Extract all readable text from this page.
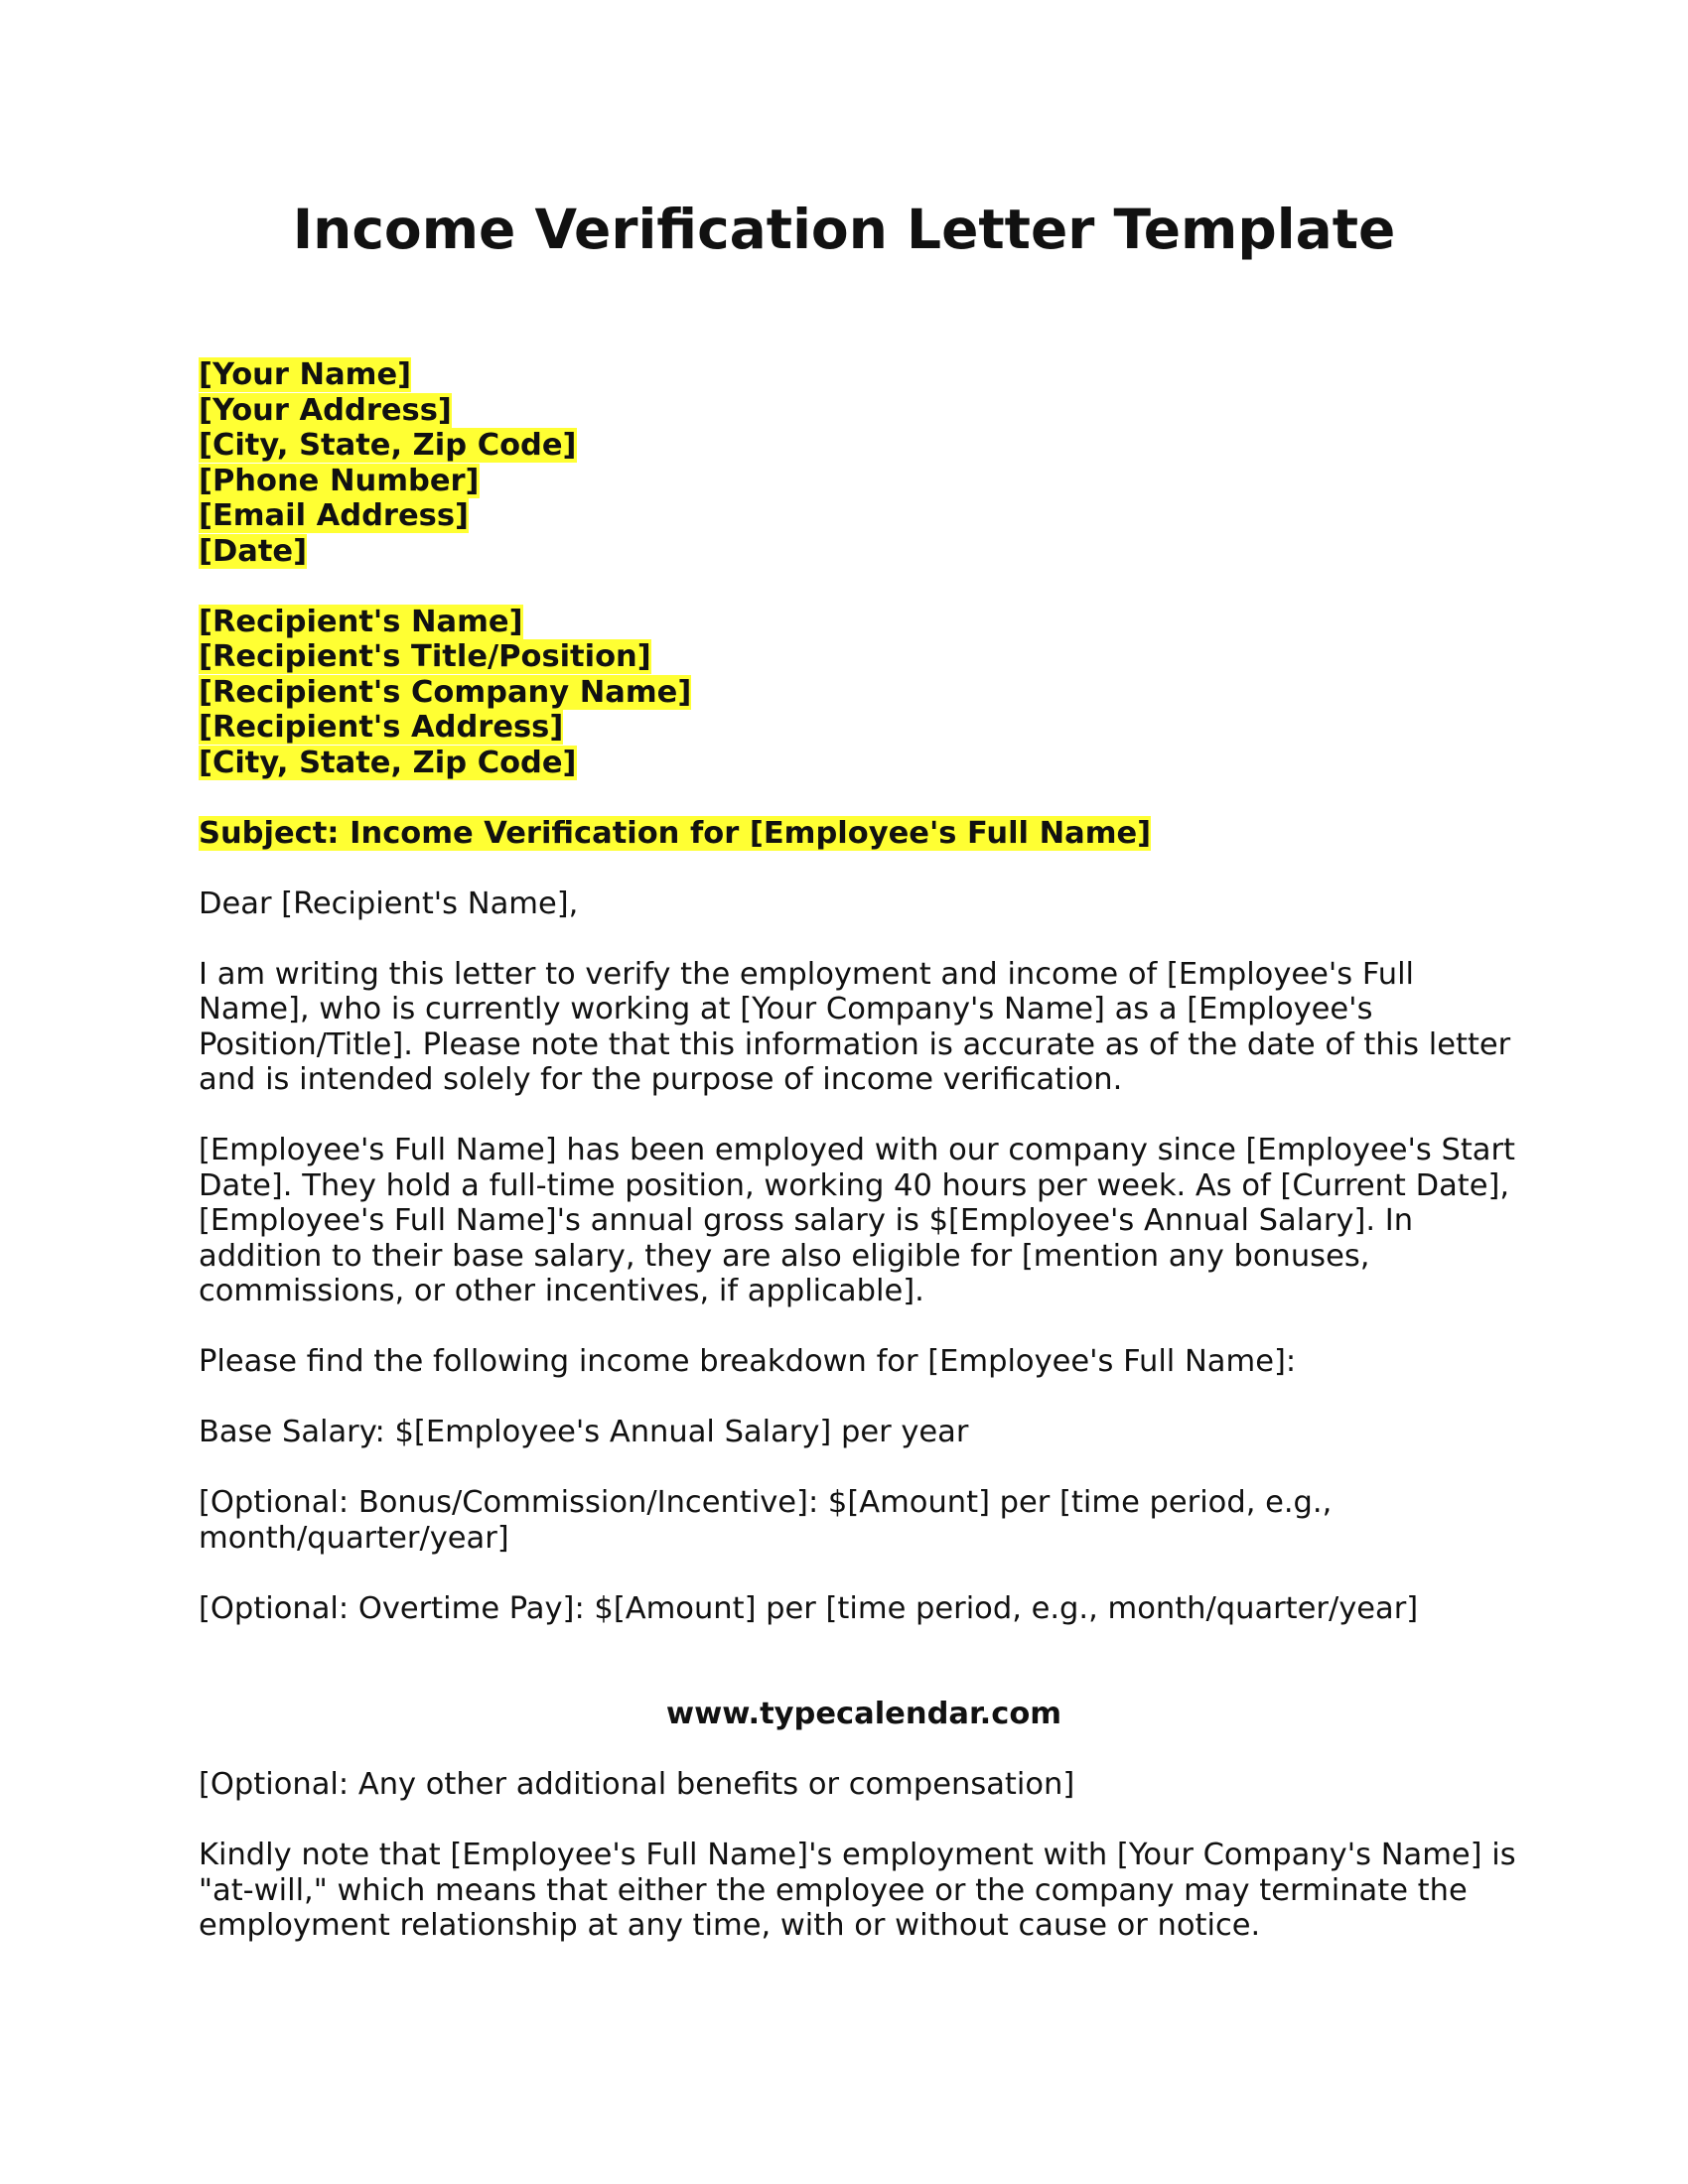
Income Verification Letter Template
[Your Name]
[Your Address]
[City, State, Zip Code]
[Phone Number]
[Email Address]
[Date]
[Recipient's Name]
[Recipient's Title/Position]
[Recipient's Company Name]
[Recipient's Address]
[City, State, Zip Code]
Subject: Income Verification for [Employee's Full Name]

Dear [Recipient's Name],

I am writing this letter to verify the employment and income of [Employee's Full Name], who is currently working at [Your Company's Name] as a [Employee's Position/Title]. Please note that this information is accurate as of the date of this letter and is intended solely for the purpose of income verification.

[Employee's Full Name] has been employed with our company since [Employee's Start Date]. They hold a full-time position, working 40 hours per week. As of [Current Date], [Employee's Full Name]'s annual gross salary is $[Employee's Annual Salary]. In addition to their base salary, they are also eligible for [mention any bonuses, commissions, or other incentives, if applicable].

Please find the following income breakdown for [Employee's Full Name]:

Base Salary: $[Employee's Annual Salary] per year

[Optional: Bonus/Commission/Incentive]: $[Amount] per [time period, e.g., month/quarter/year]

[Optional: Overtime Pay]: $[Amount] per [time period, e.g., month/quarter/year]

www.typecalendar.com

[Optional: Any other additional benefits or compensation]

Kindly note that [Employee's Full Name]'s employment with [Your Company's Name] is "at-will," which means that either the employee or the company may terminate the employment relationship at any time, with or without cause or notice.
